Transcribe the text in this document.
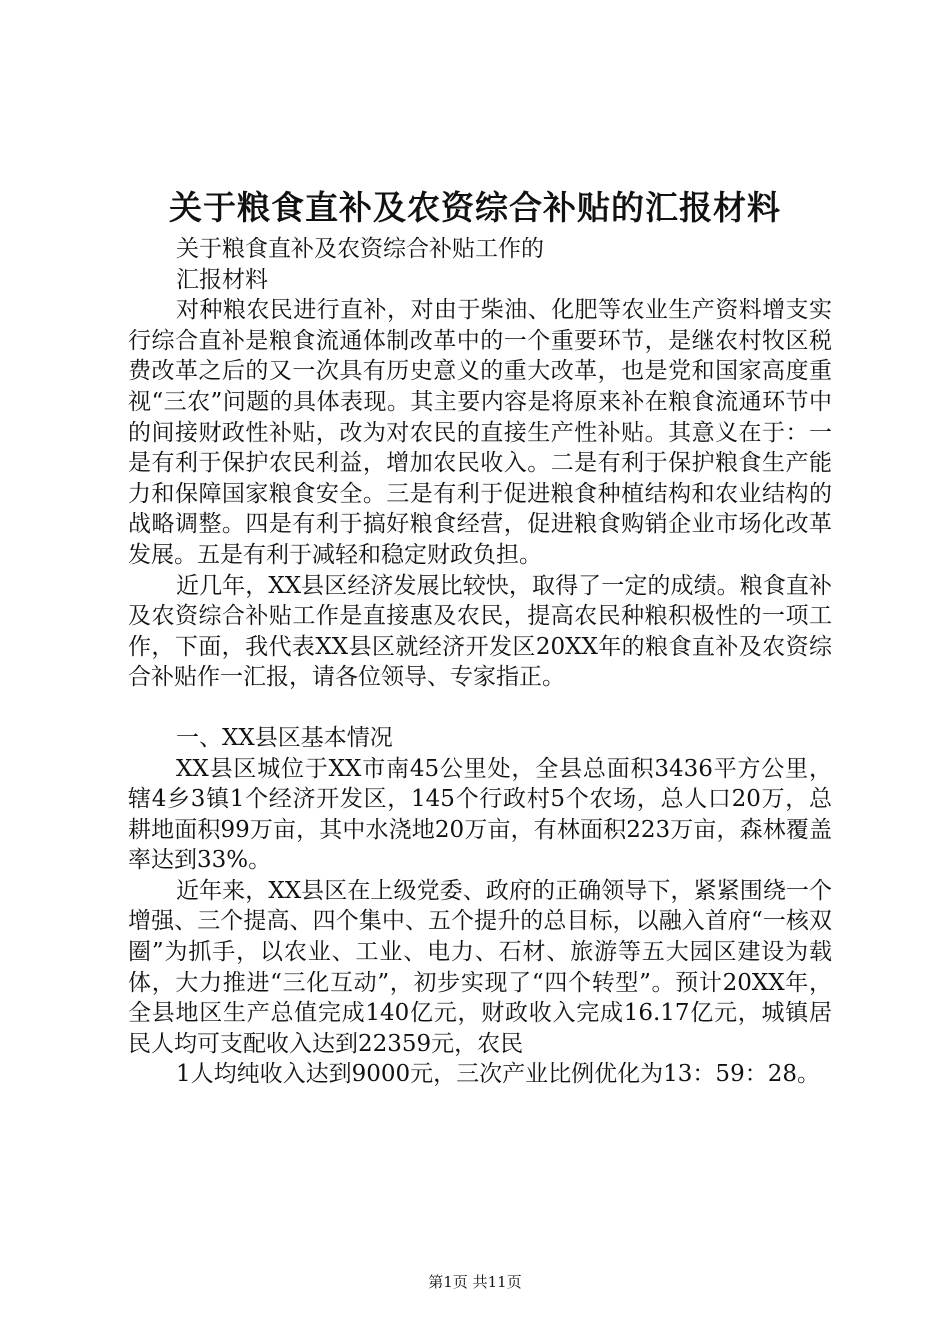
关于粮食直补及农资综合补贴的汇报材料

关于粮食直补及农资综合补贴工作的

汇报材料

对种粮农民进行直补，对由于柴油、化肥等农业生产资料增支实行综合直补是粮食流通体制改革中的一个重要环节，是继农村牧区税费改革之后的又一次具有历史意义的重大改革，也是党和国家高度重视“三农”问题的具体表现。其主要内容是将原来补在粮食流通环节中的间接财政性补贴，改为对农民的直接生产性补贴。其意义在于：一是有利于保护农民利益，增加农民收入。二是有利于保护粮食生产能力和保障国家粮食安全。三是有利于促进粮食种植结构和农业结构的战略调整。四是有利于搞好粮食经营，促进粮食购销企业市场化改革发展。五是有利于减轻和稳定财政负担。

近几年，XX县区经济发展比较快，取得了一定的成绩。粮食直补及农资综合补贴工作是直接惠及农民，提高农民种粮积极性的一项工作，下面，我代表XX县区就经济开发区20XX年的粮食直补及农资综合补贴作一汇报，请各位领导、专家指正。

一、XX县区基本情况

XX县区城位于XX市南45公里处，全县总面积3436平方公里，辖4乡3镇1个经济开发区，145个行政村5个农场，总人口20万，总耕地面积99万亩，其中水浇地20万亩，有林面积223万亩，森林覆盖率达到33%。

近年来，XX县区在上级党委、政府的正确领导下，紧紧围绕一个增强、三个提高、四个集中、五个提升的总目标，以融入首府“一核双圈”为抓手，以农业、工业、电力、石材、旅游等五大园区建设为载体，大力推进“三化互动”，初步实现了“四个转型”。预计20XX年，全县地区生产总值完成140亿元，财政收入完成16.17亿元，城镇居民人均可支配收入达到22359元，农民

1人均纯收入达到9000元，三次产业比例优化为13：59：28。

第1页 共11页
